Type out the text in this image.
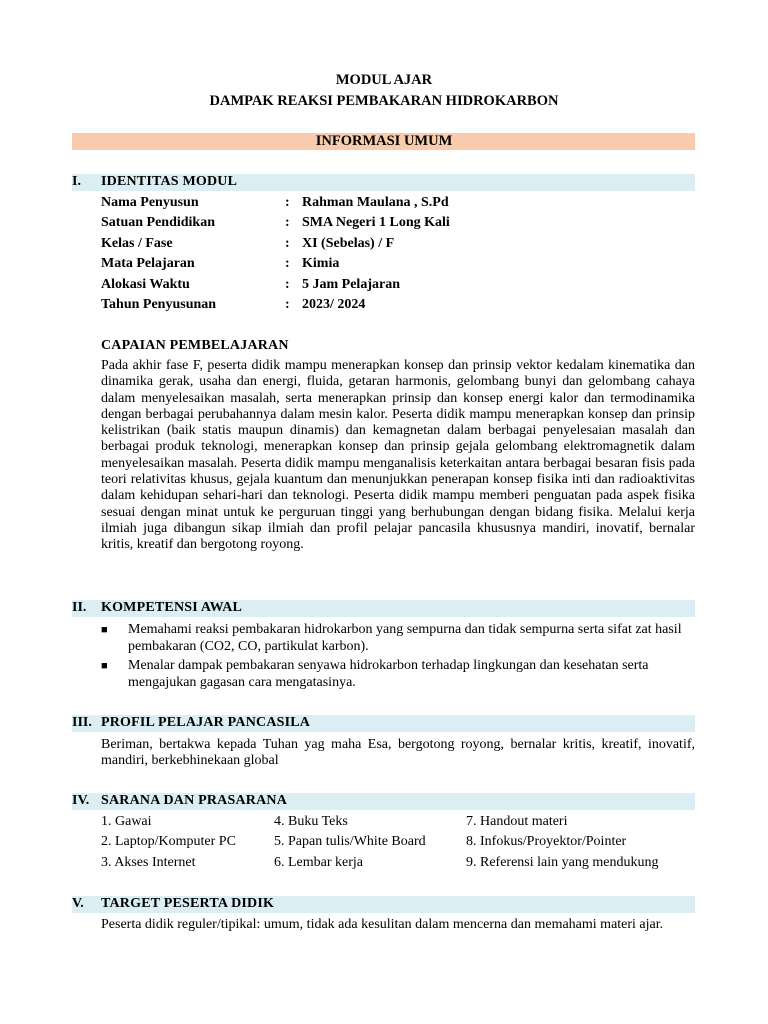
MODUL AJAR
DAMPAK REAKSI PEMBAKARAN HIDROKARBON
INFORMASI UMUM
I. IDENTITAS MODUL
Nama Penyusun	: Rahman Maulana , S.Pd
Satuan Pendidikan	: SMA Negeri 1 Long Kali
Kelas / Fase	: XI (Sebelas) / F
Mata Pelajaran	: Kimia
Alokasi Waktu	: 5 Jam Pelajaran
Tahun Penyusunan	: 2023/ 2024
CAPAIAN PEMBELAJARAN
Pada akhir fase F, peserta didik mampu menerapkan konsep dan prinsip vektor kedalam kinematika dan dinamika gerak, usaha dan energi, fluida, getaran harmonis, gelombang bunyi dan gelombang cahaya dalam menyelesaikan masalah, serta menerapkan prinsip dan konsep energi kalor dan termodinamika dengan berbagai perubahannya dalam mesin kalor. Peserta didik mampu menerapkan konsep dan prinsip kelistrikan (baik statis maupun dinamis) dan kemagnetan dalam berbagai penyelesaian masalah dan berbagai produk teknologi, menerapkan konsep dan prinsip gejala gelombang elektromagnetik dalam menyelesaikan masalah. Peserta didik mampu menganalisis keterkaitan antara berbagai besaran fisis pada teori relativitas khusus, gejala kuantum dan menunjukkan penerapan konsep fisika inti dan radioaktivitas dalam kehidupan sehari-hari dan teknologi. Peserta didik mampu memberi penguatan pada aspek fisika sesuai dengan minat untuk ke perguruan tinggi yang berhubungan dengan bidang fisika. Melalui kerja ilmiah juga dibangun sikap ilmiah dan profil pelajar pancasila khususnya mandiri, inovatif, bernalar kritis, kreatif dan bergotong royong.
II. KOMPETENSI AWAL
■ Memahami reaksi pembakaran hidrokarbon yang sempurna dan tidak sempurna serta sifat zat hasil pembakaran (CO2, CO, partikulat karbon).
■ Menalar dampak pembakaran senyawa hidrokarbon terhadap lingkungan dan kesehatan serta mengajukan gagasan cara mengatasinya.
III. PROFIL PELAJAR PANCASILA
Beriman, bertakwa kepada Tuhan yag maha Esa, bergotong royong, bernalar kritis, kreatif, inovatif, mandiri, berkebhinekaan global
IV. SARANA DAN PRASARANA
1. Gawai	4. Buku Teks	7. Handout materi
2. Laptop/Komputer PC	5. Papan tulis/White Board	8. Infokus/Proyektor/Pointer
3. Akses Internet	6. Lembar kerja	9. Referensi lain yang mendukung
V. TARGET PESERTA DIDIK
Peserta didik reguler/tipikal: umum, tidak ada kesulitan dalam mencerna dan memahami materi ajar.
